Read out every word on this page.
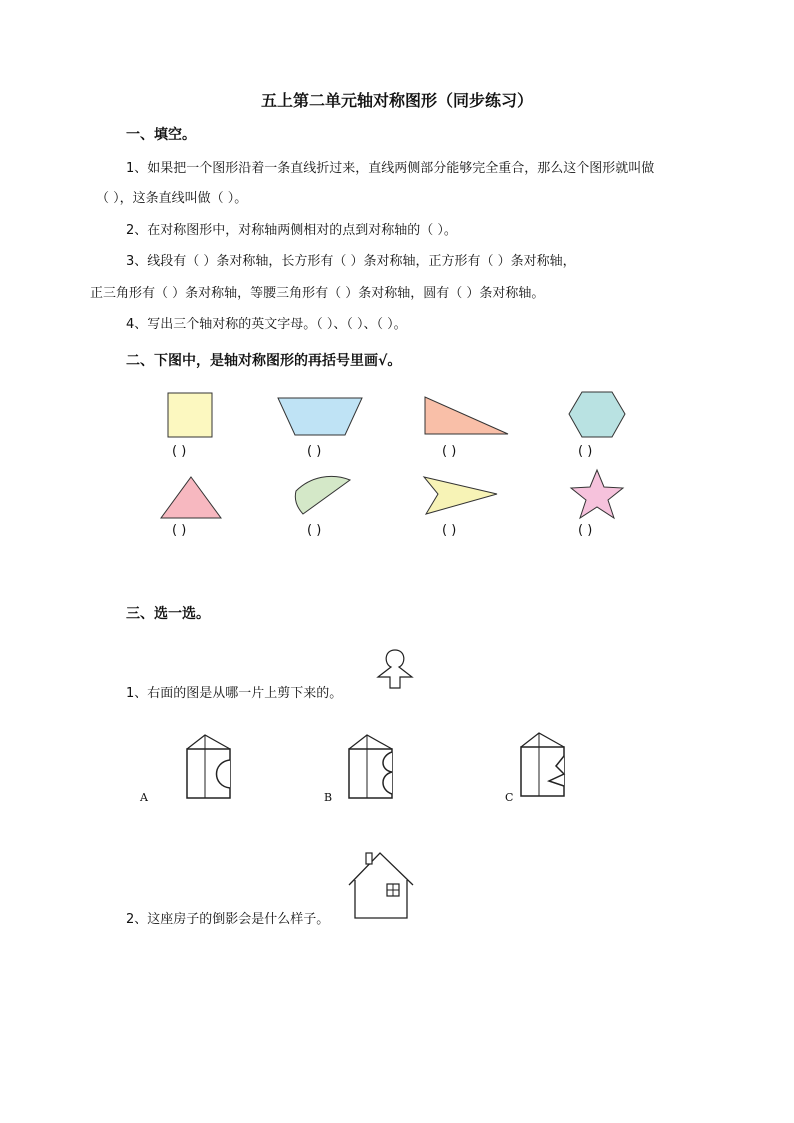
五上第二单元轴对称图形（同步练习）
一、填空。
1、如果把一个图形沿着一条直线折过来，直线两侧部分能够完全重合，那么这个图形就叫做
（ ），这条直线叫做（ ）。
2、在对称图形中，对称轴两侧相对的点到对称轴的（ ）。
3、线段有（ ）条对称轴，长方形有（ ）条对称轴，正方形有（ ）条对称轴，
正三角形有（ ）条对称轴，等腰三角形有（ ）条对称轴，圆有（ ）条对称轴。
4、写出三个轴对称的英文字母。（ ）、（ ）、（ ）。
二、下图中，是轴对称图形的再括号里画√。
( )	( )	( )	( )
( )	( )	( )	( )
三、选一选。
1、右面的图是从哪一片上剪下来的。
A	B	C
2、这座房子的倒影会是什么样子。
